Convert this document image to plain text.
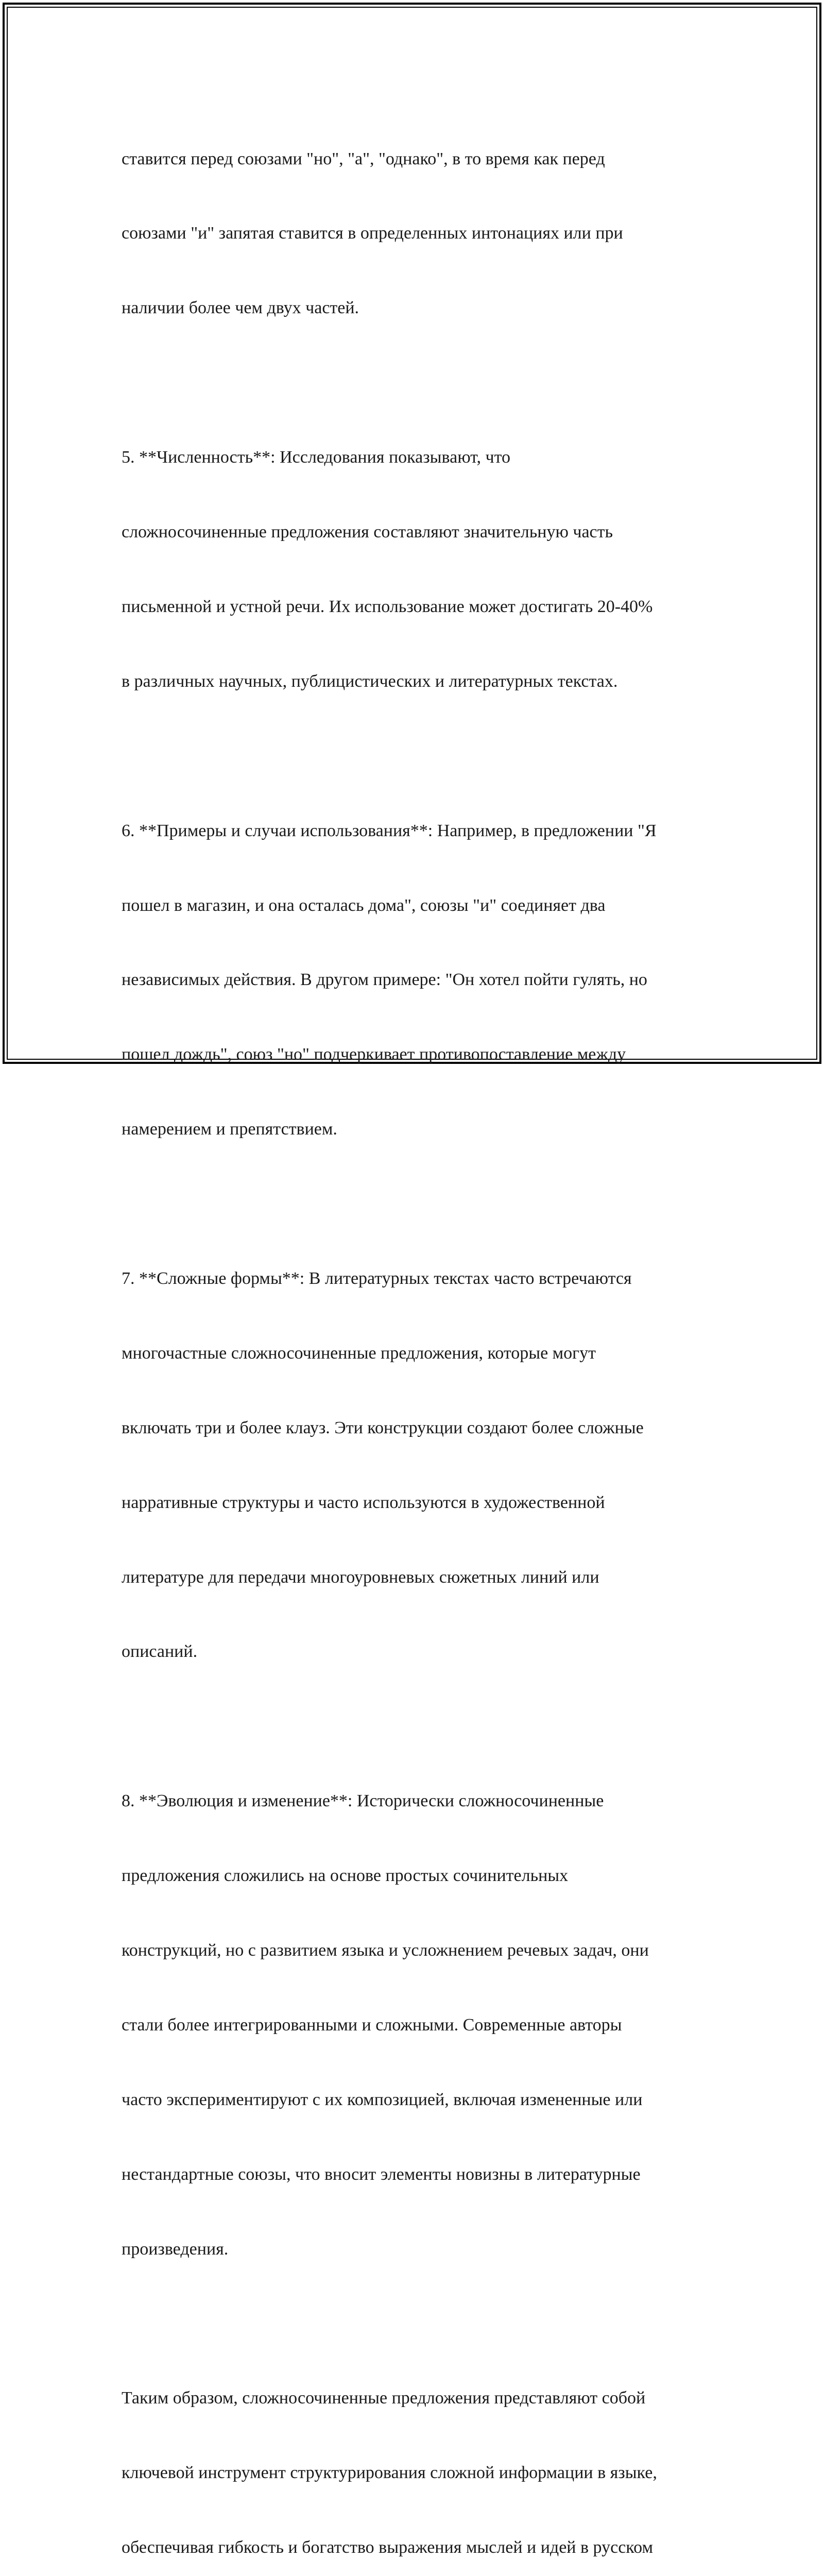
ставится перед союзами "но", "а", "однако", в то время как перед

союзами "и" запятая ставится в определенных интонациях или при

наличии более чем двух частей.

5. **Численность**: Исследования показывают, что

сложносочиненные предложения составляют значительную часть

письменной и устной речи. Их использование может достигать 20-40%

в различных научных, публицистических и литературных текстах.

6. **Примеры и случаи использования**: Например, в предложении "Я

пошел в магазин, и она осталась дома", союзы "и" соединяет два

независимых действия. В другом примере: "Он хотел пойти гулять, но

пошел дождь", союз "но" подчеркивает противопоставление между

намерением и препятствием.

7. **Сложные формы**: В литературных текстах часто встречаются

многочастные сложносочиненные предложения, которые могут

включать три и более клауз. Эти конструкции создают более сложные

нарративные структуры и часто используются в художественной

литературе для передачи многоуровневых сюжетных линий или

описаний.

8. **Эволюция и изменение**: Исторически сложносочиненные

предложения сложились на основе простых сочинительных

конструкций, но с развитием языка и усложнением речевых задач, они

стали более интегрированными и сложными. Современные авторы

часто экспериментируют с их композицией, включая измененные или

нестандартные союзы, что вносит элементы новизны в литературные

произведения.

Таким образом, сложносочиненные предложения представляют собой

ключевой инструмент структурирования сложной информации в языке,

обеспечивая гибкость и богатство выражения мыслей и идей в русском
